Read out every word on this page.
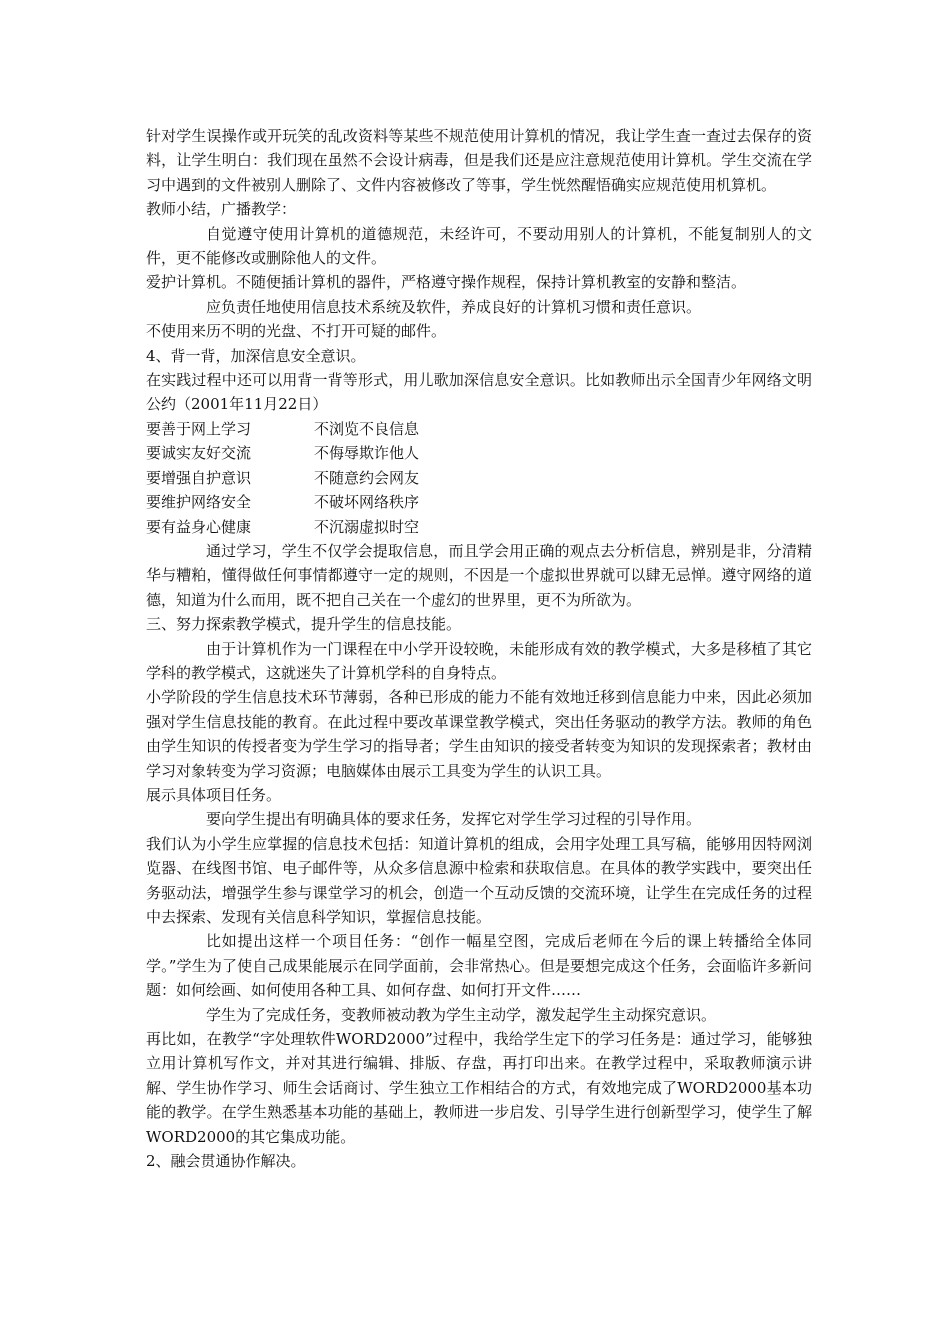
针对学生误操作或开玩笑的乱改资料等某些不规范使用计算机的情况，我让学生查一查过去保存的资料，让学生明白：我们现在虽然不会设计病毒，但是我们还是应注意规范使用计算机。学生交流在学习中遇到的文件被别人删除了、文件内容被修改了等事，学生恍然醒悟确实应规范使用机算机。

教师小结，广播教学：

自觉遵守使用计算机的道德规范，未经许可，不要动用别人的计算机，不能复制别人的文件，更不能修改或删除他人的文件。

爱护计算机。不随便插计算机的器件，严格遵守操作规程，保持计算机教室的安静和整洁。

应负责任地使用信息技术系统及软件，养成良好的计算机习惯和责任意识。

不使用来历不明的光盘、不打开可疑的邮件。

4、背一背，加深信息安全意识。

在实践过程中还可以用背一背等形式，用儿歌加深信息安全意识。比如教师出示全国青少年网络文明公约（2001年11月22日）

要善于网上学习	不浏览不良信息
要诚实友好交流	不侮辱欺诈他人
要增强自护意识	不随意约会网友
要维护网络安全	不破坏网络秩序
要有益身心健康	不沉溺虚拟时空

通过学习，学生不仅学会提取信息，而且学会用正确的观点去分析信息，辨别是非，分清精华与糟粕，懂得做任何事情都遵守一定的规则，不因是一个虚拟世界就可以肆无忌惮。遵守网络的道德，知道为什么而用，既不把自己关在一个虚幻的世界里，更不为所欲为。

三、努力探索教学模式，提升学生的信息技能。

由于计算机作为一门课程在中小学开设较晚，未能形成有效的教学模式，大多是移植了其它学科的教学模式，这就迷失了计算机学科的自身特点。

小学阶段的学生信息技术环节薄弱，各种已形成的能力不能有效地迁移到信息能力中来，因此必须加强对学生信息技能的教育。在此过程中要改革课堂教学模式，突出任务驱动的教学方法。教师的角色由学生知识的传授者变为学生学习的指导者；学生由知识的接受者转变为知识的发现探索者；教材由学习对象转变为学习资源；电脑媒体由展示工具变为学生的认识工具。

展示具体项目任务。

要向学生提出有明确具体的要求任务，发挥它对学生学习过程的引导作用。

我们认为小学生应掌握的信息技术包括：知道计算机的组成，会用字处理工具写稿，能够用因特网浏览器、在线图书馆、电子邮件等，从众多信息源中检索和获取信息。在具体的教学实践中，要突出任务驱动法，增强学生参与课堂学习的机会，创造一个互动反馈的交流环境，让学生在完成任务的过程中去探索、发现有关信息科学知识，掌握信息技能。

比如提出这样一个项目任务：“创作一幅星空图，完成后老师在今后的课上转播给全体同学。”学生为了使自己成果能展示在同学面前，会非常热心。但是要想完成这个任务，会面临许多新问题：如何绘画、如何使用各种工具、如何存盘、如何打开文件……

学生为了完成任务，变教师被动教为学生主动学，激发起学生主动探究意识。

再比如，在教学“字处理软件WORD2000”过程中，我给学生定下的学习任务是：通过学习，能够独立用计算机写作文，并对其进行编辑、排版、存盘，再打印出来。在教学过程中，采取教师演示讲解、学生协作学习、师生会话商讨、学生独立工作相结合的方式，有效地完成了WORD2000基本功能的教学。在学生熟悉基本功能的基础上，教师进一步启发、引导学生进行创新型学习，使学生了解WORD2000的其它集成功能。

2、融会贯通协作解决。
